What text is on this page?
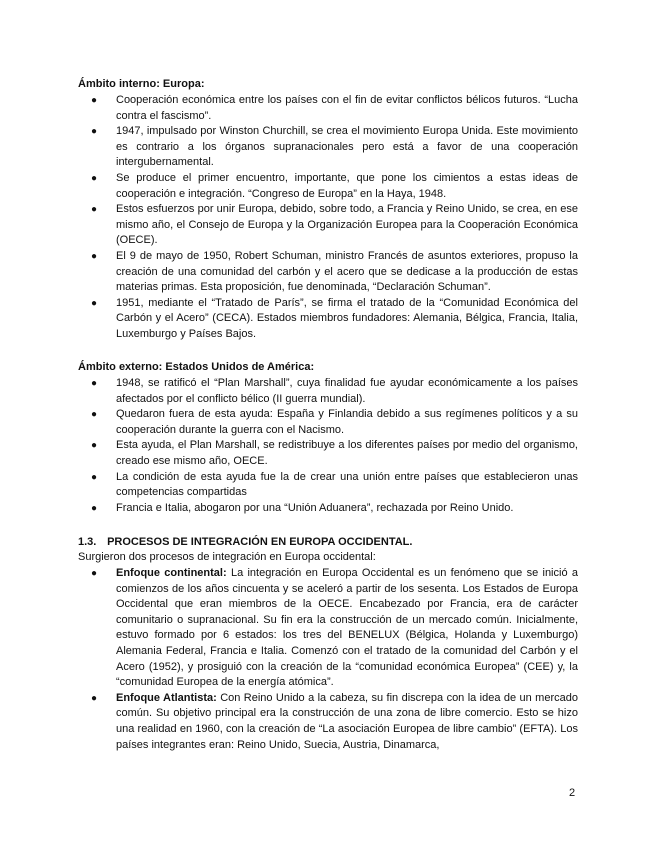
Ámbito interno: Europa:
● Cooperación económica entre los países con el fin de evitar conflictos bélicos futuros. “Lucha contra el fascismo”.
● 1947, impulsado por Winston Churchill, se crea el movimiento Europa Unida. Este movimiento es contrario a los órganos supranacionales pero está a favor de una cooperación intergubernamental.
● Se produce el primer encuentro, importante, que pone los cimientos a estas ideas de cooperación e integración. “Congreso de Europa” en la Haya, 1948.
● Estos esfuerzos por unir Europa, debido, sobre todo, a Francia y Reino Unido, se crea, en ese mismo año, el Consejo de Europa y la Organización Europea para la Cooperación Económica (OECE).
● El 9 de mayo de 1950, Robert Schuman, ministro Francés de asuntos exteriores, propuso la creación de una comunidad del carbón y el acero que se dedicase a la producción de estas materias primas. Esta proposición, fue denominada, “Declaración Schuman”.
● 1951, mediante el “Tratado de París”, se firma el tratado de la “Comunidad Económica del Carbón y el Acero” (CECA). Estados miembros fundadores: Alemania, Bélgica, Francia, Italia, Luxemburgo y Países Bajos.
Ámbito externo: Estados Unidos de América:
● 1948, se ratificó el “Plan Marshall”, cuya finalidad fue ayudar económicamente a los países afectados por el conflicto bélico (II guerra mundial).
● Quedaron fuera de esta ayuda: España y Finlandia debido a sus regímenes políticos y a su cooperación durante la guerra con el Nacismo.
● Esta ayuda, el Plan Marshall, se redistribuye a los diferentes países por medio del organismo, creado ese mismo año, OECE.
● La condición de esta ayuda fue la de crear una unión entre países que establecieron unas competencias compartidas
● Francia e Italia, abogaron por una “Unión Aduanera”, rechazada por Reino Unido.
1.3. PROCESOS DE INTEGRACIÓN EN EUROPA OCCIDENTAL.
Surgieron dos procesos de integración en Europa occidental:
● Enfoque continental: La integración en Europa Occidental es un fenómeno que se inició a comienzos de los años cincuenta y se aceleró a partir de los sesenta. Los Estados de Europa Occidental que eran miembros de la OECE. Encabezado por Francia, era de carácter comunitario o supranacional. Su fin era la construcción de un mercado común. Inicialmente, estuvo formado por 6 estados: los tres del BENELUX (Bélgica, Holanda y Luxemburgo) Alemania Federal, Francia e Italia. Comenzó con el tratado de la comunidad del Carbón y el Acero (1952), y prosiguió con la creación de la “comunidad económica Europea” (CEE) y, la “comunidad Europea de la energía atómica”.
● Enfoque Atlantista: Con Reino Unido a la cabeza, su fin discrepa con la idea de un mercado común. Su objetivo principal era la construcción de una zona de libre comercio. Esto se hizo una realidad en 1960, con la creación de “La asociación Europea de libre cambio” (EFTA). Los países integrantes eran: Reino Unido, Suecia, Austria, Dinamarca,
2
